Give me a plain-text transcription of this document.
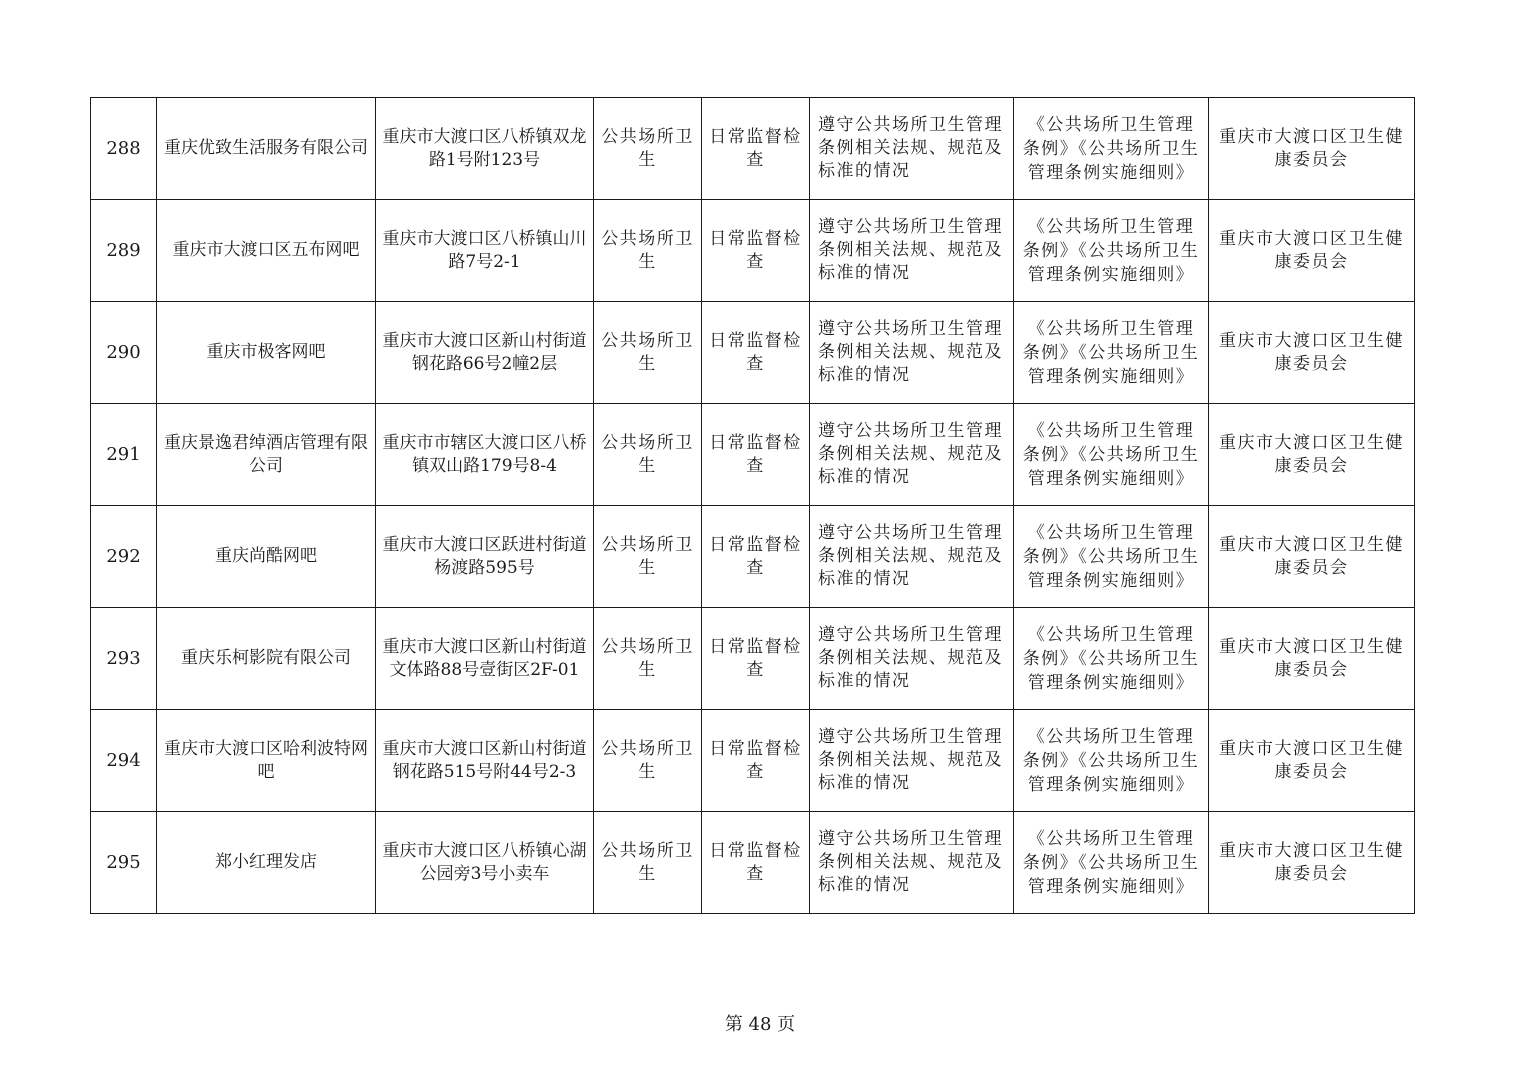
288	重庆优致生活服务有限公司	重庆市大渡口区八桥镇双龙路1号附123号	公共场所卫生	日常监督检查	遵守公共场所卫生管理条例相关法规、规范及标准的情况	《公共场所卫生管理条例》《公共场所卫生管理条例实施细则》	重庆市大渡口区卫生健康委员会
289	重庆市大渡口区五布网吧	重庆市大渡口区八桥镇山川路7号2-1	公共场所卫生	日常监督检查	遵守公共场所卫生管理条例相关法规、规范及标准的情况	《公共场所卫生管理条例》《公共场所卫生管理条例实施细则》	重庆市大渡口区卫生健康委员会
290	重庆市极客网吧	重庆市大渡口区新山村街道钢花路66号2幢2层	公共场所卫生	日常监督检查	遵守公共场所卫生管理条例相关法规、规范及标准的情况	《公共场所卫生管理条例》《公共场所卫生管理条例实施细则》	重庆市大渡口区卫生健康委员会
291	重庆景逸君绰酒店管理有限公司	重庆市市辖区大渡口区八桥镇双山路179号8-4	公共场所卫生	日常监督检查	遵守公共场所卫生管理条例相关法规、规范及标准的情况	《公共场所卫生管理条例》《公共场所卫生管理条例实施细则》	重庆市大渡口区卫生健康委员会
292	重庆尚酷网吧	重庆市大渡口区跃进村街道杨渡路595号	公共场所卫生	日常监督检查	遵守公共场所卫生管理条例相关法规、规范及标准的情况	《公共场所卫生管理条例》《公共场所卫生管理条例实施细则》	重庆市大渡口区卫生健康委员会
293	重庆乐柯影院有限公司	重庆市大渡口区新山村街道文体路88号壹街区2F-01	公共场所卫生	日常监督检查	遵守公共场所卫生管理条例相关法规、规范及标准的情况	《公共场所卫生管理条例》《公共场所卫生管理条例实施细则》	重庆市大渡口区卫生健康委员会
294	重庆市大渡口区哈利波特网吧	重庆市大渡口区新山村街道钢花路515号附44号2-3	公共场所卫生	日常监督检查	遵守公共场所卫生管理条例相关法规、规范及标准的情况	《公共场所卫生管理条例》《公共场所卫生管理条例实施细则》	重庆市大渡口区卫生健康委员会
295	郑小红理发店	重庆市大渡口区八桥镇心湖公园旁3号小卖车	公共场所卫生	日常监督检查	遵守公共场所卫生管理条例相关法规、规范及标准的情况	《公共场所卫生管理条例》《公共场所卫生管理条例实施细则》	重庆市大渡口区卫生健康委员会
第 48 页
